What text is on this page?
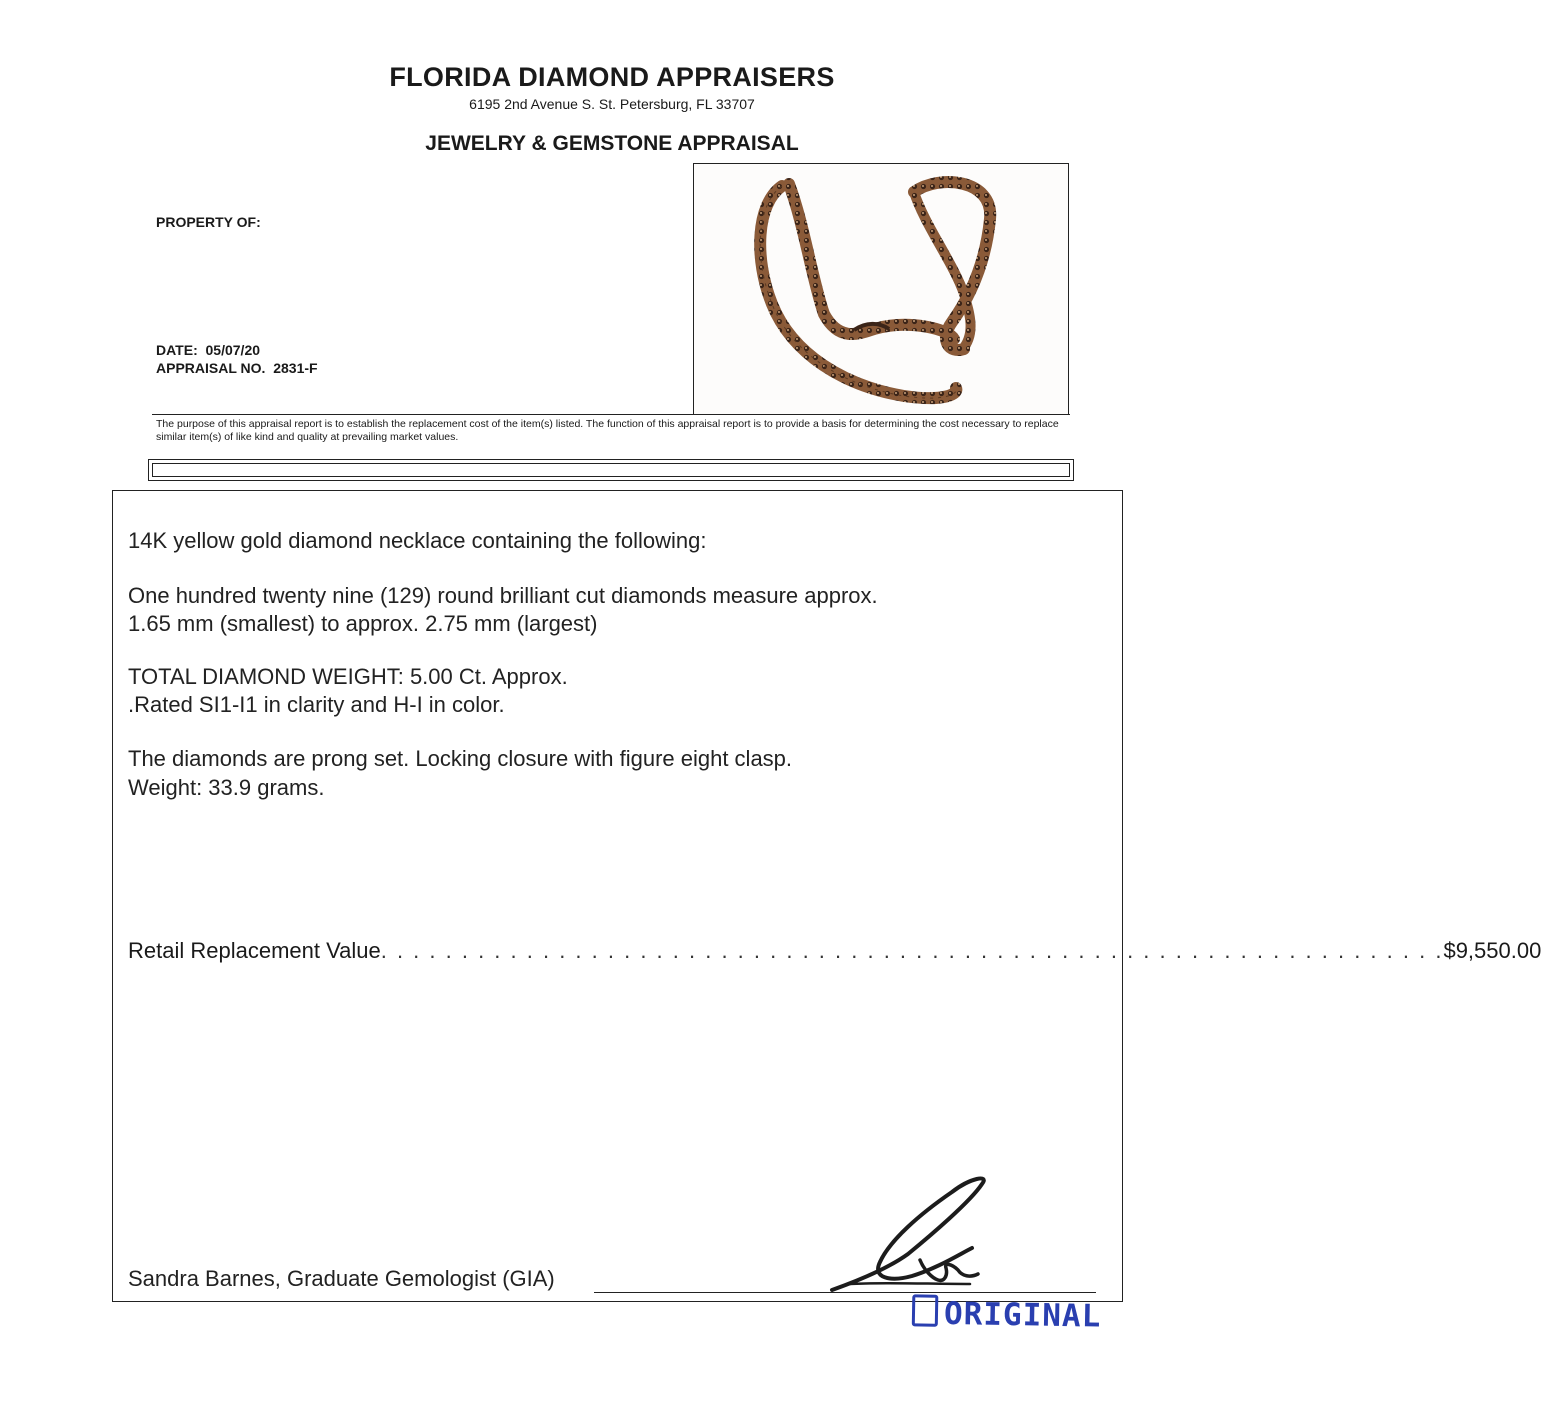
FLORIDA DIAMOND APPRAISERS
6195 2nd Avenue S. St. Petersburg, FL 33707
JEWELRY & GEMSTONE APPRAISAL
PROPERTY OF:
DATE: 05/07/20
APPRAISAL NO. 2831-F
The purpose of this appraisal report is to establish the replacement cost of the item(s) listed. The function of this appraisal report is to provide a basis for determining the cost necessary to replace similar item(s) of like kind and quality at prevailing market values.
14K yellow gold diamond necklace containing the following:
One hundred twenty nine (129) round brilliant cut diamonds measure approx.
1.65 mm (smallest) to approx. 2.75 mm (largest)
TOTAL DIAMOND WEIGHT: 5.00 Ct. Approx.
.Rated SI1-I1 in clarity and H-I in color.
The diamonds are prong set. Locking closure with figure eight clasp.
Weight: 33.9 grams.
Retail Replacement Value . . . . . . . . . . . . . . . . . . . . . . . . . . . . . . . . . . . . . . . . . . . . . . . . . . . . . . . . . . . . . . . . . . $9,550.00
Sandra Barnes, Graduate Gemologist (GIA)
ORIGINAL
